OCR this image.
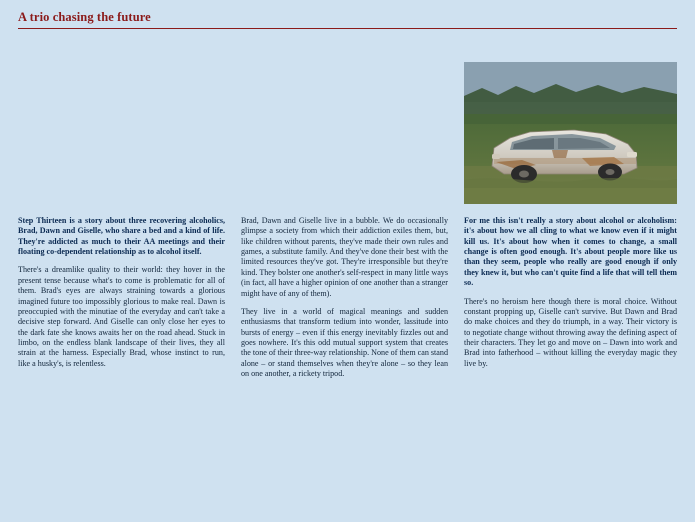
A trio chasing the future

Step Thirteen is a story about three recovering alcoholics, Brad, Dawn and Giselle, who share a bed and a kind of life. They're addicted as much to their AA meetings and their floating co-dependent relationship as to alcohol itself.

There's a dreamlike quality to their world: they hover in the present tense because what's to come is problematic for all of them. Brad's eyes are always straining towards a glorious imagined future too impossibly glorious to make real. Dawn is preoccupied with the minutiae of the everyday and can't take a decisive step forward. And Giselle can only close her eyes to the dark fate she knows awaits her on the road ahead. Stuck in limbo, on the endless blank landscape of their lives, they all strain at the harness. Especially Brad, whose instinct to run, like a husky's, is relentless.

Brad, Dawn and Giselle live in a bubble. We do occasionally glimpse a society from which their addiction exiles them, but, like children without parents, they've made their own rules and games, a substitute family. And they've done their best with the limited resources they've got. They're irresponsible but they're kind. They bolster one another's self-respect in many little ways (in fact, all have a higher opinion of one another than a stranger might have of any of them).

They live in a world of magical meanings and sudden enthusiasms that transform tedium into wonder, lassitude into bursts of energy – even if this energy inevitably fizzles out and goes nowhere. It's this odd mutual support system that creates the tone of their three-way relationship. None of them can stand alone – or stand themselves when they're alone – so they lean on one another, a rickety tripod.

For me this isn't really a story about alcohol or alcoholism: it's about how we all cling to what we know even if it might kill us. It's about how when it comes to change, a small change is often good enough. It's about people more like us than they seem, people who really are good enough if only they knew it, but who can't quite find a life that will tell them so.

There's no heroism here though there is moral choice. Without constant propping up, Giselle can't survive. But Dawn and Brad do make choices and they do triumph, in a way. Their victory is to negotiate change without throwing away the defining aspect of their characters. They let go and move on – Dawn into work and Brad into fatherhood – without killing the everyday magic they live by.
